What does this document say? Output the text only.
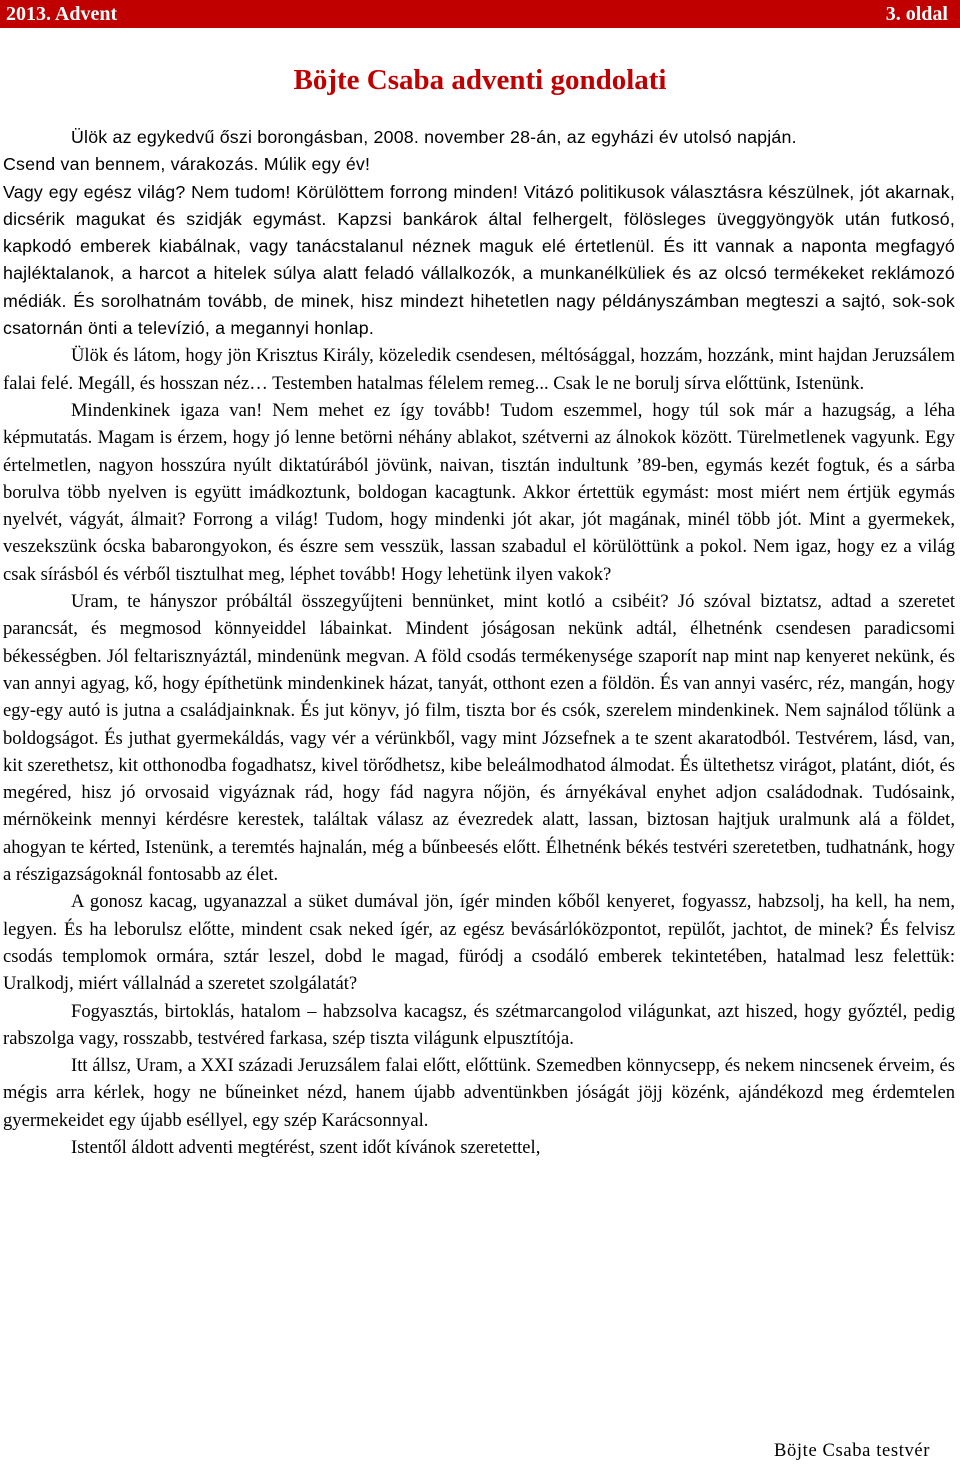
2013. Advent	3. oldal
Böjte Csaba adventi gondolati

Ülök az egykedvű őszi borongásban, 2008. november 28-án, az egyházi év utolsó napján.

Csend van bennem, várakozás. Múlik egy év!

Vagy egy egész világ? Nem tudom! Körülöttem forrong minden! Vitázó politikusok választásra készülnek, jót akarnak, dicsérik magukat és szidják egymást. Kapzsi bankárok által felhergelt, fölösleges üveggyöngyök után futkosó, kapkodó emberek kiabálnak, vagy tanácstalanul néznek maguk elé értetlenül. És itt vannak a naponta megfagyó hajléktalanok, a harcot a hitelek súlya alatt feladó vállalkozók, a munkanélküliek és az olcsó termékeket reklámozó médiák. És sorolhatnám tovább, de minek, hisz mindezt hihetetlen nagy példányszámban megteszi a sajtó, sok-sok csatornán önti a televízió, a megannyi honlap.

Ülök és látom, hogy jön Krisztus Király, közeledik csendesen, méltósággal, hozzám, hozzánk, mint hajdan Jeruzsálem falai felé. Megáll, és hosszan néz… Testemben hatalmas félelem remeg... Csak le ne borulj sírva előttünk, Istenünk.

Mindenkinek igaza van! Nem mehet ez így tovább! Tudom eszemmel, hogy túl sok már a hazugság, a léha képmutatás. Magam is érzem, hogy jó lenne betörni néhány ablakot, szétverni az álnokok között. Türelmetlenek vagyunk. Egy értelmetlen, nagyon hosszúra nyúlt diktatúrából jövünk, naivan, tisztán indultunk ’89-ben, egymás kezét fogtuk, és a sárba borulva több nyelven is együtt imádkoztunk, boldogan kacagtunk. Akkor értettük egymást: most miért nem értjük egymás nyelvét, vágyát, álmait? Forrong a világ! Tudom, hogy mindenki jót akar, jót magának, minél több jót. Mint a gyermekek, veszekszünk ócska babarongyokon, és észre sem vesszük, lassan szabadul el körülöttünk a pokol. Nem igaz, hogy ez a világ csak sírásból és vérből tisztulhat meg, léphet tovább! Hogy lehetünk ilyen vakok?

Uram, te hányszor próbáltál összegyűjteni bennünket, mint kotló a csibéit? Jó szóval biztatsz, adtad a szeretet parancsát, és megmosod könnyeiddel lábainkat. Mindent jóságosan nekünk adtál, élhetnénk csendesen paradicsomi békességben. Jól feltarisznyáztál, mindenünk megvan. A föld csodás termékenysége szaporít nap mint nap kenyeret nekünk, és van annyi agyag, kő, hogy építhetünk mindenkinek házat, tanyát, otthont ezen a földön. És van annyi vasérc, réz, mangán, hogy egy-egy autó is jutna a családjainknak. És jut könyv, jó film, tiszta bor és csók, szerelem mindenkinek. Nem sajnálod tőlünk a boldogságot. És juthat gyermekáldás, vagy vér a vérünkből, vagy mint Józsefnek a te szent akaratodból. Testvérem, lásd, van, kit szerethetsz, kit otthonodba fogadhatsz, kivel törődhetsz, kibe beleálmodhatod álmodat. És ültethetsz virágot, platánt, diót, és megéred, hisz jó orvosaid vigyáznak rád, hogy fád nagyra nőjön, és árnyékával enyhet adjon családodnak. Tudósaink, mérnökeink mennyi kérdésre kerestek, találtak válasz az évezredek alatt, lassan, biztosan hajtjuk uralmunk alá a földet, ahogyan te kérted, Istenünk, a teremtés hajnalán, még a bűnbeesés előtt. Élhetnénk békés testvéri szeretetben, tudhatnánk, hogy a részigazságoknál fontosabb az élet.

A gonosz kacag, ugyanazzal a süket dumával jön, ígér minden kőből kenyeret, fogyassz, habzsolj, ha kell, ha nem, legyen. És ha leborulsz előtte, mindent csak neked ígér, az egész bevásárlóközpontot, repülőt, jachtot, de minek? És felvisz csodás templomok ormára, sztár leszel, dobd le magad, füródj a csodáló emberek tekintetében, hatalmad lesz felettük: Uralkodj, miért vállalnád a szeretet szolgálatát?

Fogyasztás, birtoklás, hatalom – habzsolva kacagsz, és szétmarcangolod világunkat, azt hiszed, hogy győztél, pedig rabszolga vagy, rosszabb, testvéred farkasa, szép tiszta világunk elpusztítója.

Itt állsz, Uram, a XXI századi Jeruzsálem falai előtt, előttünk. Szemedben könnycsepp, és nekem nincsenek érveim, és mégis arra kérlek, hogy ne bűneinket nézd, hanem újabb adventünkben jóságát jöjj közénk, ajándékozd meg érdemtelen gyermekeidet egy újabb eséllyel, egy szép Karácsonnyal.

Istentől áldott adventi megtérést, szent időt kívánok szeretettel,

Böjte Csaba testvér
